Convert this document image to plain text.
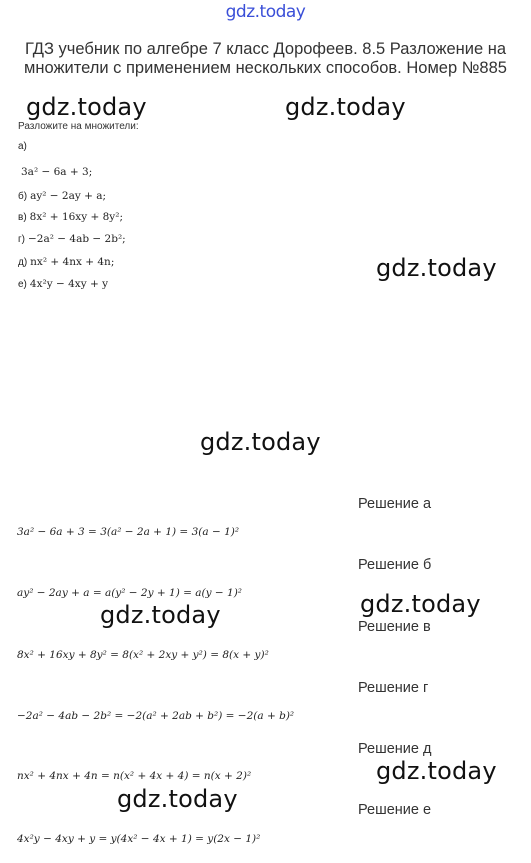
gdz.today
ГДЗ учебник по алгебре 7 класс Дорофеев. 8.5 Разложение на множители с применением нескольких способов. Номер №885
gdz.today	gdz.today
gdz.today
gdz.today
gdz.today
gdz.today
gdz.today
gdz.today
Разложите на множители:
а)
3a² − 6a + 3;
б) ay² − 2ay + a;
в) 8x² + 16xy + 8y²;
г) −2a² − 4ab − 2b²;
д) nx² + 4nx + 4n;
е) 4x²y − 4xy + y
Решение а
3a² − 6a + 3 = 3(a² − 2a + 1) = 3(a − 1)²
Решение б
ay² − 2ay + a = a(y² − 2y + 1) = a(y − 1)²
Решение в
8x² + 16xy + 8y² = 8(x² + 2xy + y²) = 8(x + y)²
Решение г
−2a² − 4ab − 2b² = −2(a² + 2ab + b²) = −2(a + b)²
Решение д
nx² + 4nx + 4n = n(x² + 4x + 4) = n(x + 2)²
Решение е
4x²y − 4xy + y = y(4x² − 4x + 1) = y(2x − 1)²
